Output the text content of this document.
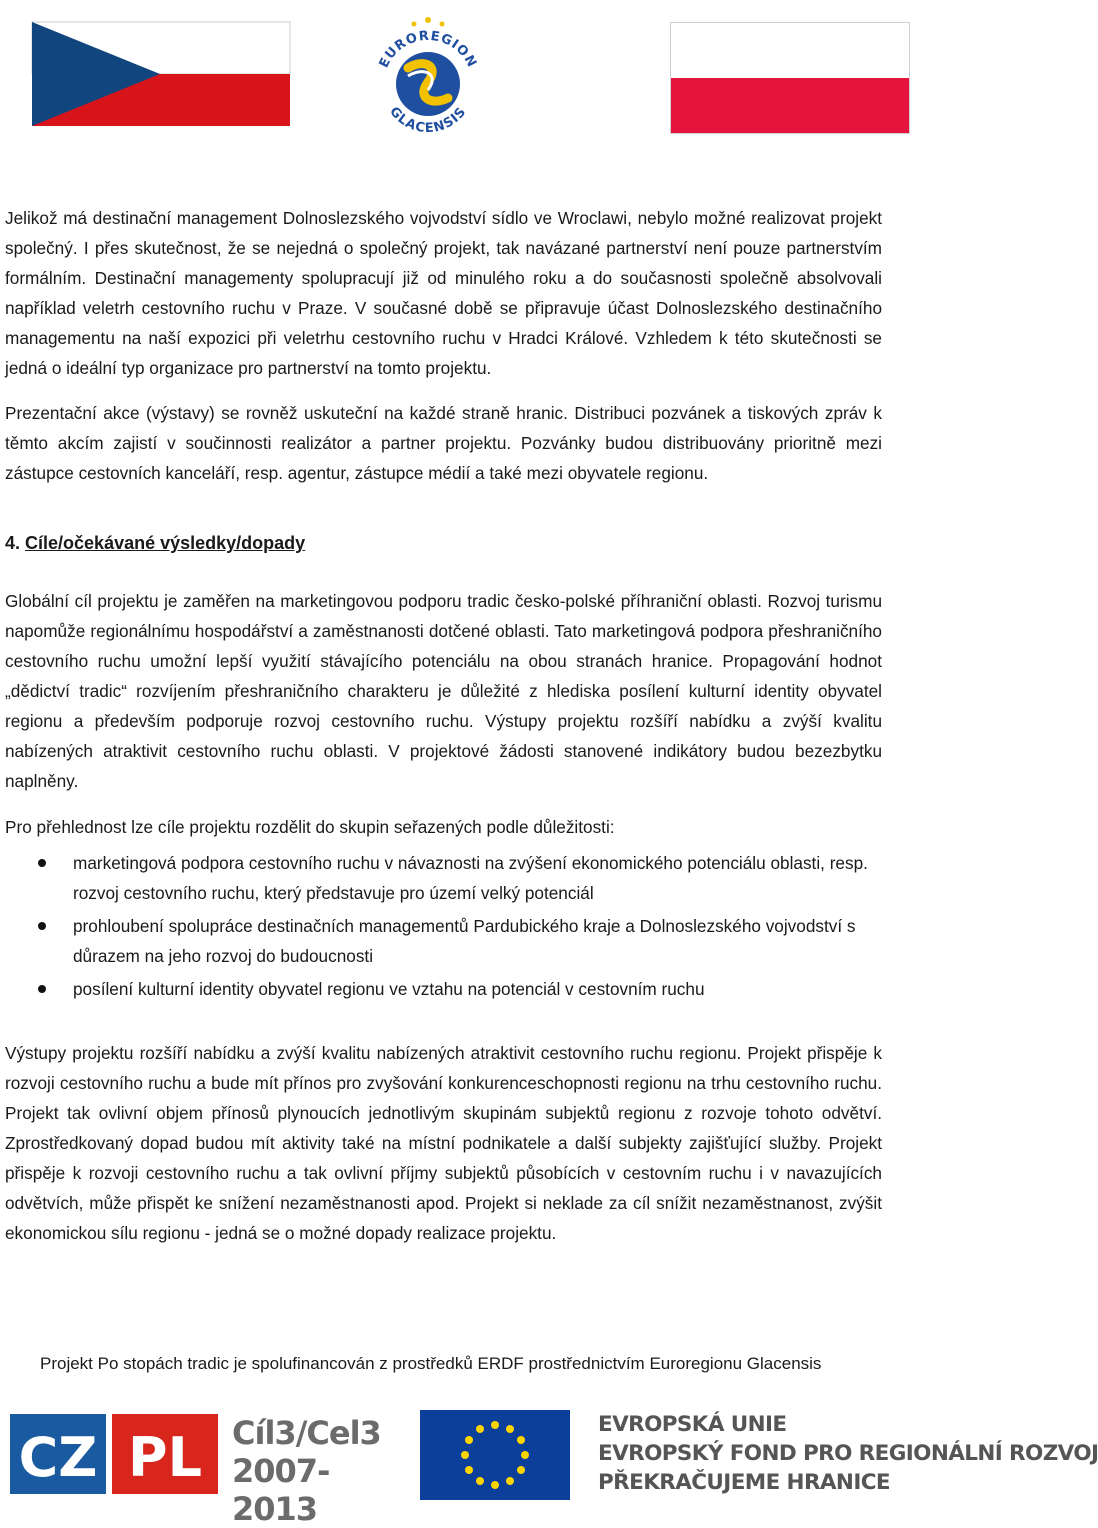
EUROREGION
GLACENSIS

Jelikož má destinační management Dolnoslezského vojvodství sídlo ve Wroclawi, nebylo možné realizovat projekt společný. I přes skutečnost, že se nejedná o společný projekt, tak navázané partnerství není pouze partnerstvím formálním. Destinační managementy spolupracují již od minulého roku a do současnosti společně absolvovali například veletrh cestovního ruchu v Praze. V současné době se připravuje účast Dolnoslezského destinačního managementu na naší expozici při veletrhu cestovního ruchu v Hradci Králové. Vzhledem k této skutečnosti se jedná o ideální typ organizace pro partnerství na tomto projektu.

Prezentační akce (výstavy) se rovněž uskuteční na každé straně hranic. Distribuci pozvánek a tiskových zpráv k těmto akcím zajistí v součinnosti realizátor a partner projektu. Pozvánky budou distribuovány prioritně mezi zástupce cestovních kanceláří, resp. agentur, zástupce médií a také mezi obyvatele regionu.

4. Cíle/očekávané výsledky/dopady

Globální cíl projektu je zaměřen na marketingovou podporu tradic česko-polské příhraniční oblasti. Rozvoj turismu napomůže regionálnímu hospodářství a zaměstnanosti dotčené oblasti. Tato marketingová podpora přeshraničního cestovního ruchu umožní lepší využití stávajícího potenciálu na obou stranách hranice. Propagování hodnot „dědictví tradic“ rozvíjením přeshraničního charakteru je důležité z hlediska posílení kulturní identity obyvatel regionu a především podporuje rozvoj cestovního ruchu. Výstupy projektu rozšíří nabídku a zvýší kvalitu nabízených atraktivit cestovního ruchu oblasti. V projektové žádosti stanovené indikátory budou bezezbytku naplněny.

Pro přehlednost lze cíle projektu rozdělit do skupin seřazených podle důležitosti:

marketingová podpora cestovního ruchu v návaznosti na zvýšení ekonomického potenciálu oblasti, resp. rozvoj cestovního ruchu, který představuje pro území velký potenciál
prohloubení spolupráce destinačních managementů Pardubického kraje a Dolnoslezského vojvodství s důrazem na jeho rozvoj do budoucnosti
posílení kulturní identity obyvatel regionu ve vztahu na potenciál v cestovním ruchu

Výstupy projektu rozšíří nabídku a zvýší kvalitu nabízených atraktivit cestovního ruchu regionu. Projekt přispěje k rozvoji cestovního ruchu a bude mít přínos pro zvyšování konkurenceschopnosti regionu na trhu cestovního ruchu. Projekt tak ovlivní objem přínosů plynoucích jednotlivým skupinám subjektů regionu z rozvoje tohoto odvětví. Zprostředkovaný dopad budou mít aktivity také na místní podnikatele a další subjekty zajišťující služby. Projekt přispěje k rozvoji cestovního ruchu a tak ovlivní příjmy subjektů působících v cestovním ruchu i v navazujících odvětvích, může přispět ke snížení nezaměstnanosti apod. Projekt si neklade za cíl snížit nezaměstnanost, zvýšit ekonomickou sílu regionu - jedná se o možné dopady realizace projektu.

Projekt Po stopách tradic je spolufinancován z prostředků ERDF prostřednictvím Euroregionu Glacensis
CZ PL Cíl3/Cel3
2007-2013
EVROPSKÁ UNIE
EVROPSKÝ FOND PRO REGIONÁLNÍ ROZVOJ
PŘEKRAČUJEME HRANICE
